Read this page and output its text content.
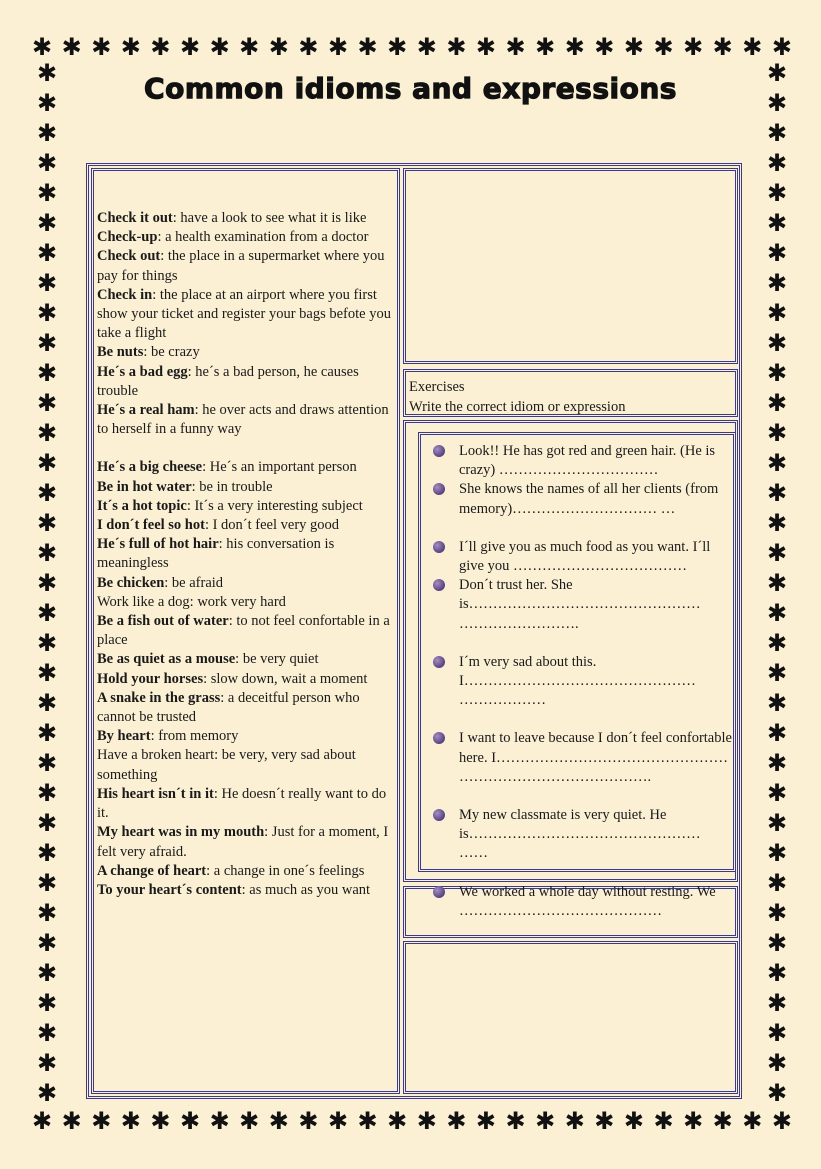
✱ ✱ ✱ ✱ ✱ ✱ ✱ ✱ ✱ ✱ ✱ ✱ ✱ ✱ ✱ ✱ ✱ ✱ ✱ ✱ ✱ ✱ ✱ ✱ ✱ ✱
✱ ✱ ✱ ✱ ✱ ✱ ✱ ✱ ✱ ✱ ✱ ✱ ✱ ✱ ✱ ✱ ✱ ✱ ✱ ✱ ✱ ✱ ✱ ✱ ✱ ✱
✱
✱
✱
✱
✱
✱
✱
✱
✱
✱
✱
✱
✱
✱
✱
✱
✱
✱
✱
✱
✱
✱
✱
✱
✱
✱
✱
✱
✱
✱
✱
✱
✱
✱
✱
✱
✱
✱
✱
✱
✱
✱
✱
✱
✱
✱
✱
✱
✱
✱
✱
✱
✱
✱
✱
✱
✱
✱
✱
✱
✱
✱
✱
✱
✱
✱
✱
✱
✱
✱
Common idioms and expressions

Check it out: have a look to see what it is like

Check-up: a health examination from a doctor

Check out: the place in a supermarket where you pay for things

Check in: the place at an airport where you first show your ticket and register your bags befote you take a flight

Be nuts: be crazy

He´s a bad egg: he´s a bad person, he causes trouble

He´s a real ham: he over acts and draws attention to herself in a funny way

He´s a big cheese: He´s an important person

Be in hot water: be in trouble

It´s a hot topic: It´s a very interesting subject

I don´t feel so hot: I don´t feel very good

He´s full of hot hair: his conversation is meaningless

Be chicken: be afraid

Work like a dog: work very hard

Be a fish out of water: to not feel confortable in a place

Be as quiet as a mouse: be very quiet

Hold your horses: slow down, wait a moment

A snake in the grass: a deceitful person who cannot be trusted

By heart: from memory

Have a broken heart: be very, very sad about something

His heart isn´t in it: He doesn´t really want to do it.

My heart was in my mouth: Just for a moment, I felt very afraid.

A change of heart: a change in one´s feelings

To your heart´s content: as much as you want

Exercises
Write the correct idiom or expression
Look!! He has got red and green hair. (He is crazy) ……………………………
She knows the names of all her clients (from memory)………………………… …
I´ll give you as much food as you want. I´ll give you ………………………………
Don´t trust her. She is………………………………………… …………………….
I´m very sad about this. I………………………………………… ………………
I want to leave because I don´t feel confortable here. I………………………………………… ………………………………….
My new classmate is very quiet. He is………………………………………… ……
We worked a whole day without resting. We ……………………………………
